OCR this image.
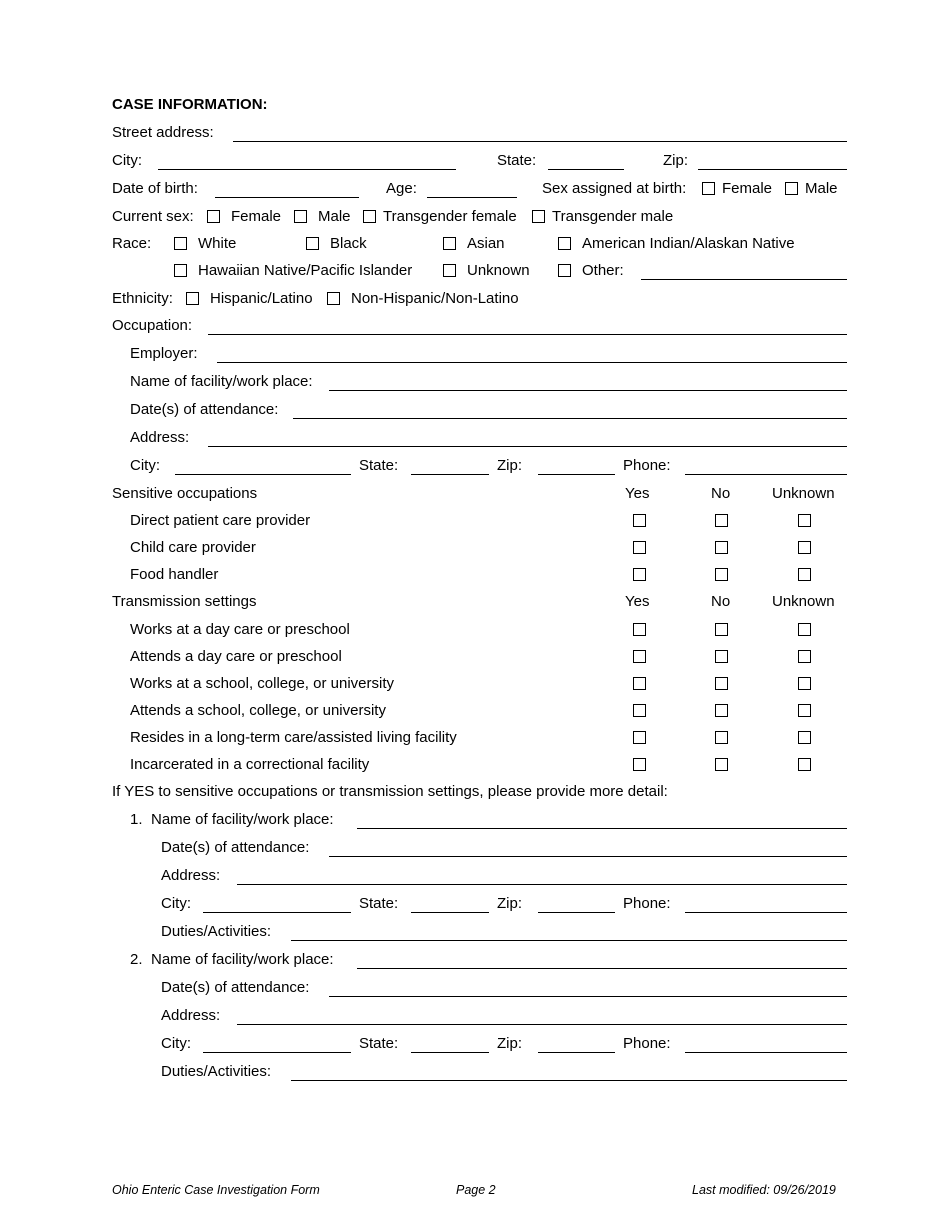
CASE INFORMATION:
Street address:
City:	State:	Zip:
Date of birth:	Age:	Sex assigned at birth: Female Male
Current sex: Female Male Transgender female Transgender male
Race:	White	Black	Asian	American Indian/Alaskan Native
Hawaiian Native/Pacific Islander	Unknown	Other:
Ethnicity: Hispanic/Latino	Non-Hispanic/Non-Latino
Occupation:
Employer:
Name of facility/work place:
Date(s) of attendance:
Address:
City:	State:	Zip:	Phone:
Sensitive occupations	Yes	No	Unknown
Direct patient care provider
Child care provider
Food handler
Transmission settings	Yes	No	Unknown
Works at a day care or preschool
Attends a day care or preschool
Works at a school, college, or university
Attends a school, college, or university
Resides in a long-term care/assisted living facility
Incarcerated in a correctional facility
If YES to sensitive occupations or transmission settings, please provide more detail:
1. Name of facility/work place:
Date(s) of attendance:
Address:
City:	State:	Zip:	Phone:
Duties/Activities:
2. Name of facility/work place:
Date(s) of attendance:
Address:
City:	State:	Zip:	Phone:
Duties/Activities:
Ohio Enteric Case Investigation Form	Page 2	Last modified: 09/26/2019
